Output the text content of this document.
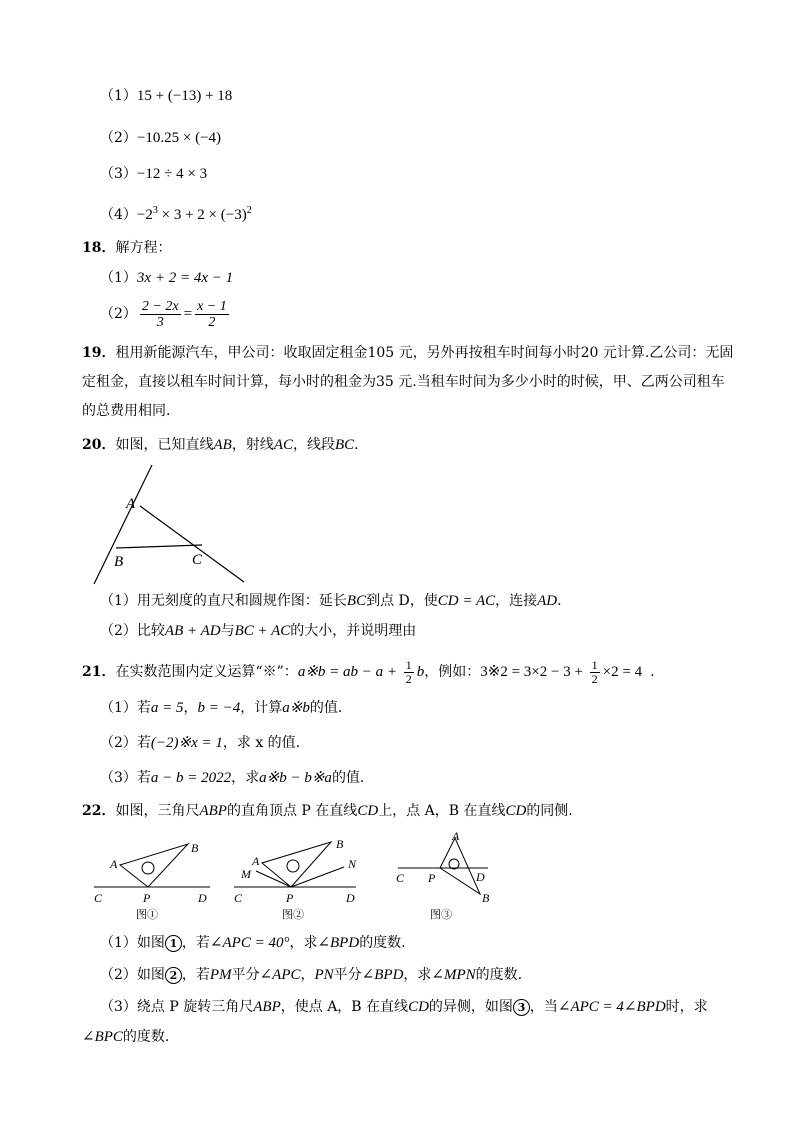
（1）15 + (−13) + 18
（2）−10.25 × (−4)
（3）−12 ÷ 4 × 3
$(4)-2^3 \times 3 + 2 \times (-3)^2$
18．解方程：
（1）3x + 2 = 4x − 1
$(2) \frac{2 - 2x}{3} = \frac{x - 1}{2}$
19．租用新能源汽车，甲公司：收取固定租金105 元，另外再按租车时间每小时20 元计算.乙公司：无固
定租金，直接以租车时间计算，每小时的租金为35 元.当租车时间为多少小时的时候，甲、乙两公司租车
的总费用相同.
20．如图，已知直线AB，射线AC，线段BC.
A
B	C
（1）用无刻度的直尺和圆规作图：延长BC到点 D，使CD = AC，连接AD.
（2）比较AB + AD与BC + AC的大小，并说明理由
21．在实数范围内定义运算“※”：a※b = ab − $a + \frac{1}{2}$ b，例如：3※2 = $3\times 2 - 3 + \frac{1}{2} \times 2 = 4$ .
（1）若a = 5，b = −4，计算a※b的值.
（2）若(−2)※x = 1，求 x 的值.
（3）若a − b = 2022，求a※b − b※a的值.
22．如图，三角尺ABP的直角顶点 P 在直线CD上，点 A，B 在直线CD的同侧.
A
B
C	P	D
图①
A
B
M
N
C	P	D
图②
A
B
C P	D
图③
（1）如图 1 ，若∠APC = 40°，求∠BPD的度数.
（2）如图 2 ，若PM平分∠APC，PN平分∠BPD，求∠MPN的度数.
（3）绕点 P 旋转三角尺ABP，使点 A，B 在直线CD的异侧，如图 3 ，当∠APC = 4∠BPD时，求
∠BPC的度数.
